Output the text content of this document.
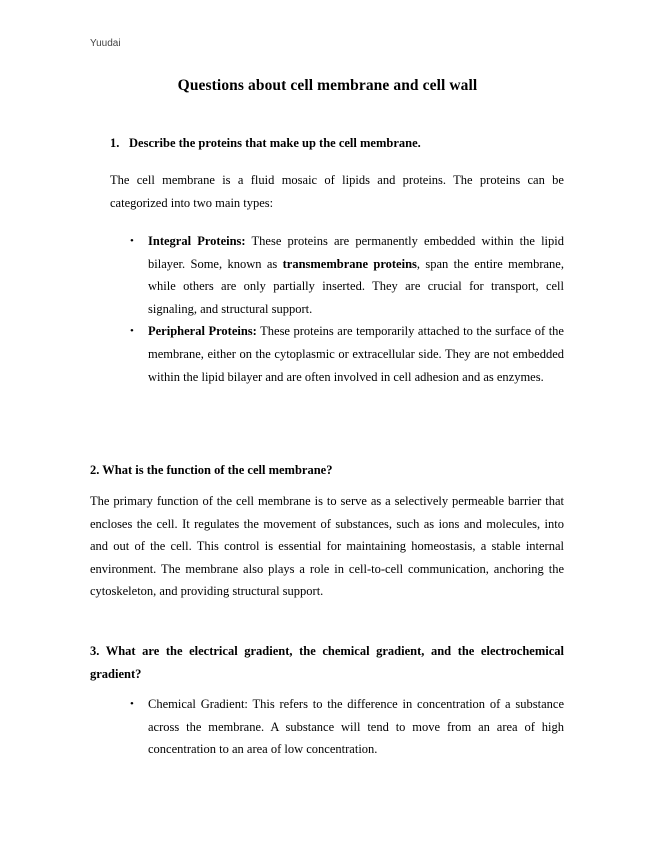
Yuudai

Questions about cell membrane and cell wall
1. Describe the proteins that make up the cell membrane.

The cell membrane is a fluid mosaic of lipids and proteins. The proteins can be categorized into two main types:

• Integral Proteins: These proteins are permanently embedded within the lipid bilayer. Some, known as transmembrane proteins, span the entire membrane, while others are only partially inserted. They are crucial for transport, cell signaling, and structural support.
• Peripheral Proteins: These proteins are temporarily attached to the surface of the membrane, either on the cytoplasmic or extracellular side. They are not embedded within the lipid bilayer and are often involved in cell adhesion and as enzymes.
2. What is the function of the cell membrane?

The primary function of the cell membrane is to serve as a selectively permeable barrier that encloses the cell. It regulates the movement of substances, such as ions and molecules, into and out of the cell. This control is essential for maintaining homeostasis, a stable internal environment. The membrane also plays a role in cell-to-cell communication, anchoring the cytoskeleton, and providing structural support.

3. What are the electrical gradient, the chemical gradient, and the electrochemical gradient?
• Chemical Gradient: This refers to the difference in concentration of a substance across the membrane. A substance will tend to move from an area of high concentration to an area of low concentration.
